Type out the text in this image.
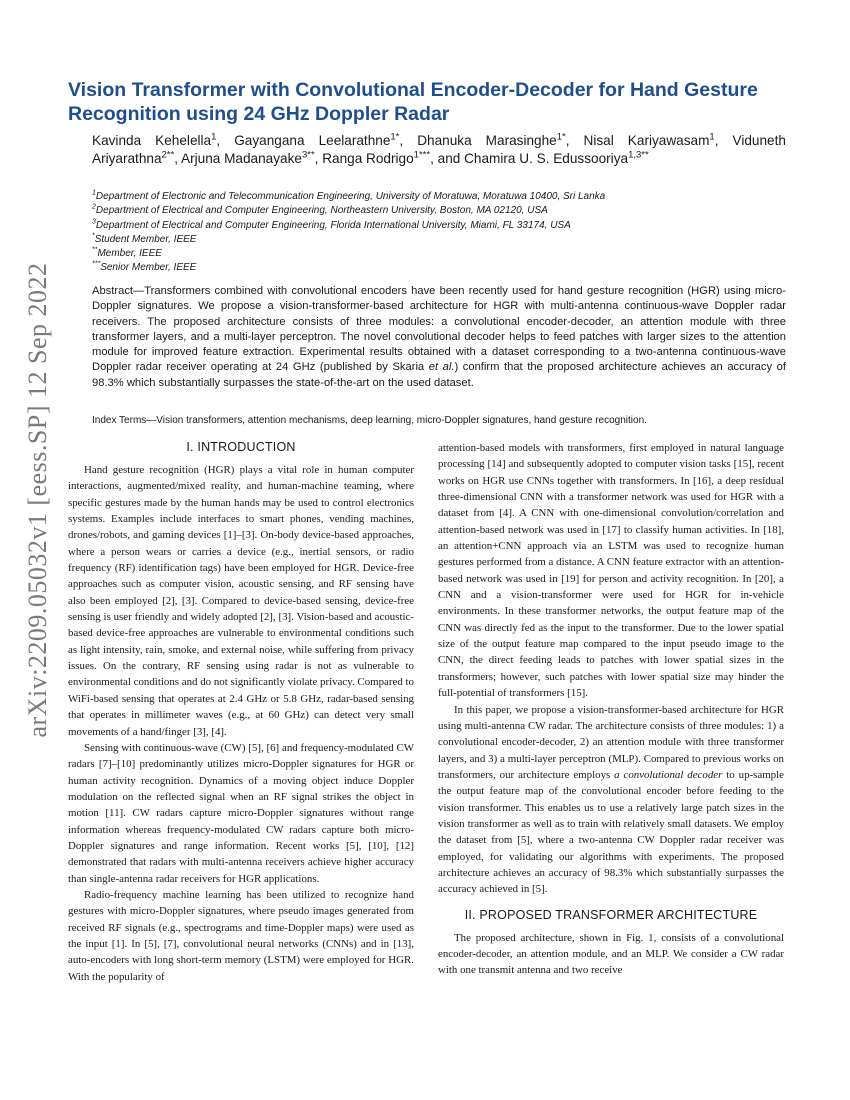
arXiv:2209.05032v1 [eess.SP] 12 Sep 2022
Vision Transformer with Convolutional Encoder-Decoder for Hand Gesture Recognition using 24 GHz Doppler Radar

Kavinda Kehelella$^1$, Gayangana Leelarathne$^{1*}$, Dhanuka Marasinghe$^{1*}$, Nisal Kariyawasam$^1$, Viduneth Ariyarathna$^{2**}$, Arjuna Madanayake$^{3**}$, Ranga Rodrigo$^{1***}$, and Chamira U. S. Edussooriya$^{1,3**}$

$^1$Department of Electronic and Telecommunication Engineering, University of Moratuwa, Moratuwa 10400, Sri Lanka
$^2$Department of Electrical and Computer Engineering, Northeastern University, Boston, MA 02120, USA
$^3$Department of Electrical and Computer Engineering, Florida International University, Miami, FL 33174, USA
*Student Member, IEEE
**Member, IEEE
***Senior Member, IEEE

Abstract—Transformers combined with convolutional encoders have been recently used for hand gesture recognition (HGR) using micro-Doppler signatures. We propose a vision-transformer-based architecture for HGR with multi-antenna continuous-wave Doppler radar receivers. The proposed architecture consists of three modules: a convolutional encoder-decoder, an attention module with three transformer layers, and a multi-layer perceptron. The novel convolutional decoder helps to feed patches with larger sizes to the attention module for improved feature extraction. Experimental results obtained with a dataset corresponding to a two-antenna continuous-wave Doppler radar receiver operating at 24 GHz (published by Skaria et al.) confirm that the proposed architecture achieves an accuracy of 98.3% which substantially surpasses the state-of-the-art on the used dataset.

Index Terms—Vision transformers, attention mechanisms, deep learning, micro-Doppler signatures, hand gesture recognition.

I. INTRODUCTION

Hand gesture recognition (HGR) plays a vital role in human computer interactions, augmented/mixed reality, and human-machine teaming, where specific gestures made by the human hands may be used to control electronics systems. Examples include interfaces to smart phones, vending machines, drones/robots, and gaming devices [1]–[3]. On-body device-based approaches, where a person wears or carries a device (e.g., inertial sensors, or radio frequency (RF) identification tags) have been employed for HGR. Device-free approaches such as computer vision, acoustic sensing, and RF sensing have also been employed [2], [3]. Compared to device-based sensing, device-free sensing is user friendly and widely adopted [2], [3]. Vision-based and acoustic-based device-free approaches are vulnerable to environmental conditions such as light intensity, rain, smoke, and external noise, while suffering from privacy issues. On the contrary, RF sensing using radar is not as vulnerable to environmental conditions and do not significantly violate privacy. Compared to WiFi-based sensing that operates at 2.4 GHz or 5.8 GHz, radar-based sensing that operates in millimeter waves (e.g., at 60 GHz) can detect very small movements of a hand/finger [3], [4].

Sensing with continuous-wave (CW) [5], [6] and frequency-modulated CW radars [7]–[10] predominantly utilizes micro-Doppler signatures for HGR or human activity recognition. Dynamics of a moving object induce Doppler modulation on the reflected signal when an RF signal strikes the object in motion [11]. CW radars capture micro-Doppler signatures without range information whereas frequency-modulated CW radars capture both micro-Doppler signatures and range information. Recent works [5], [10], [12] demonstrated that radars with multi-antenna receivers achieve higher accuracy than single-antenna radar receivers for HGR applications.

Radio-frequency machine learning has been utilized to recognize hand gestures with micro-Doppler signatures, where pseudo images generated from received RF signals (e.g., spectrograms and time-Doppler maps) were used as the input [1]. In [5], [7], convolutional neural networks (CNNs) and in [13], auto-encoders with long short-term memory (LSTM) were employed for HGR. With the popularity of

attention-based models with transformers, first employed in natural language processing [14] and subsequently adopted to computer vision tasks [15], recent works on HGR use CNNs together with transformers. In [16], a deep residual three-dimensional CNN with a transformer network was used for HGR with a dataset from [4]. A CNN with one-dimensional convolution/correlation and attention-based network was used in [17] to classify human activities. In [18], an attention+CNN approach via an LSTM was used to recognize human gestures performed from a distance. A CNN feature extractor with an attention-based network was used in [19] for person and activity recognition. In [20], a CNN and a vision-transformer were used for HGR for in-vehicle environments. In these transformer networks, the output feature map of the CNN was directly fed as the input to the transformer. Due to the lower spatial size of the output feature map compared to the input pseudo image to the CNN, the direct feeding leads to patches with lower spatial sizes in the transformers; however, such patches with lower spatial size may hinder the full-potential of transformers [15].

In this paper, we propose a vision-transformer-based architecture for HGR using multi-antenna CW radar. The architecture consists of three modules: 1) a convolutional encoder-decoder, 2) an attention module with three transformer layers, and 3) a multi-layer perceptron (MLP). Compared to previous works on transformers, our architecture employs a convolutional decoder to up-sample the output feature map of the convolutional encoder before feeding to the vision transformer. This enables us to use a relatively large patch sizes in the vision transformer as well as to train with relatively small datasets. We employ the dataset from [5], where a two-antenna CW Doppler radar receiver was employed, for validating our algorithms with experiments. The proposed architecture achieves an accuracy of 98.3% which substantially surpasses the accuracy achieved in [5].

II. PROPOSED TRANSFORMER ARCHITECTURE

The proposed architecture, shown in Fig. 1, consists of a convolutional encoder-decoder, an attention module, and an MLP. We consider a CW radar with one transmit antenna and two receive
